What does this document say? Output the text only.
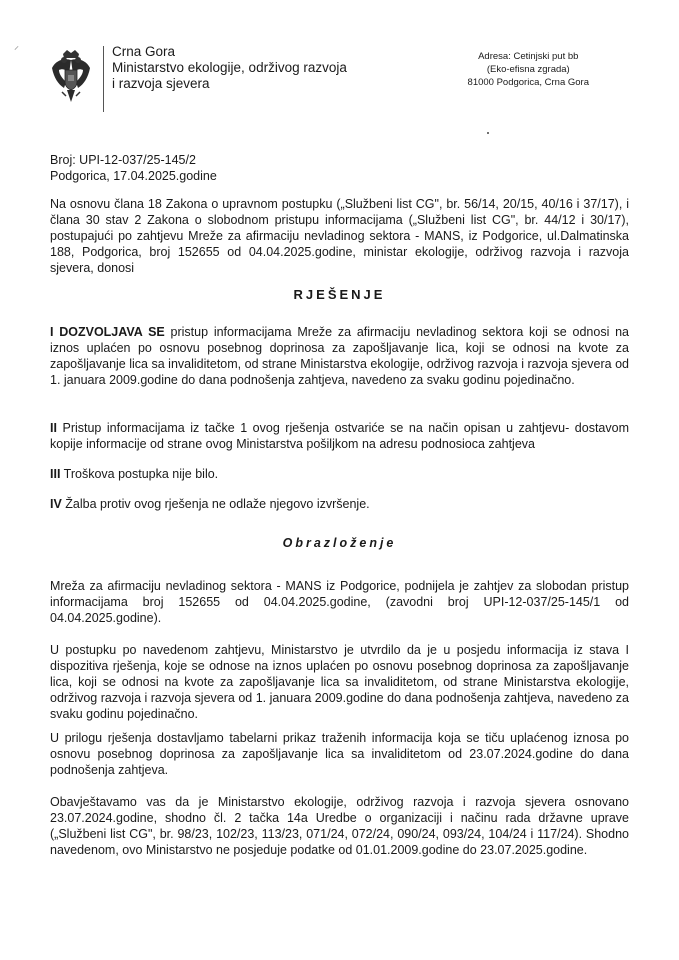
⸝	Crna Gora
Ministarstvo ekologije, održivog razvoja
i razvoja sjevera
Adresa: Cetinjski put bb
(Eko-efisna zgrada)
81000 Podgorica, Crna Gora
Broj: UPI-12-037/25-145/2
Podgorica, 17.04.2025.godine
Na osnovu člana 18 Zakona o upravnom postupku („Službeni list CG", br. 56/14, 20/15, 40/16 i 37/17), i člana 30 stav 2 Zakona o slobodnom pristupu informacijama („Službeni list CG", br. 44/12 i 30/17), postupajući po zahtjevu Mreže za afirmaciju nevladinog sektora - MANS, iz Podgorice, ul.Dalmatinska 188, Podgorica, broj 152655 od 04.04.2025.godine, ministar ekologije, održivog razvoja i razvoja sjevera, donosi
RJEŠENJE
I DOZVOLJAVA SE pristup informacijama Mreže za afirmaciju nevladinog sektora koji se odnosi na iznos uplaćen po osnovu posebnog doprinosa za zapošljavanje lica, koji se odnosi na kvote za zapošljavanje lica sa invaliditetom, od strane Ministarstva ekologije, održivog razvoja i razvoja sjevera od 1. januara 2009.godine do dana podnošenja zahtjeva, navedeno za svaku godinu pojedinačno.
II Pristup informacijama iz tačke 1 ovog rješenja ostvariće se na način opisan u zahtjevu- dostavom kopije informacije od strane ovog Ministarstva pošiljkom na adresu podnosioca zahtjeva
III Troškova postupka nije bilo.
IV Žalba protiv ovog rješenja ne odlaže njegovo izvršenje.
Obrazloženje
Mreža za afirmaciju nevladinog sektora - MANS iz Podgorice, podnijela je zahtjev za slobodan pristup informacijama broj 152655 od 04.04.2025.godine, (zavodni broj UPI-12-037/25-145/1 od 04.04.2025.godine).
U postupku po navedenom zahtjevu, Ministarstvo je utvrdilo da je u posjedu informacija iz stava I dispozitiva rješenja, koje se odnose na iznos uplaćen po osnovu posebnog doprinosa za zapošljavanje lica, koji se odnosi na kvote za zapošljavanje lica sa invaliditetom, od strane Ministarstva ekologije, održivog razvoja i razvoja sjevera od 1. januara 2009.godine do dana podnošenja zahtjeva, navedeno za svaku godinu pojedinačno.
U prilogu rješenja dostavljamo tabelarni prikaz traženih informacija koja se tiču uplaćenog iznosa po osnovu posebnog doprinosa za zapošljavanje lica sa invaliditetom od 23.07.2024.godine do dana podnošenja zahtjeva.
Obavještavamo vas da je Ministarstvo ekologije, održivog razvoja i razvoja sjevera osnovano 23.07.2024.godine, shodno čl. 2 tačka 14a Uredbe o organizaciji i načinu rada državne uprave („Službeni list CG", br. 98/23, 102/23, 113/23, 071/24, 072/24, 090/24, 093/24, 104/24 i 117/24). Shodno navedenom, ovo Ministarstvo ne posjeduje podatke od 01.01.2009.godine do 23.07.2025.godine.
